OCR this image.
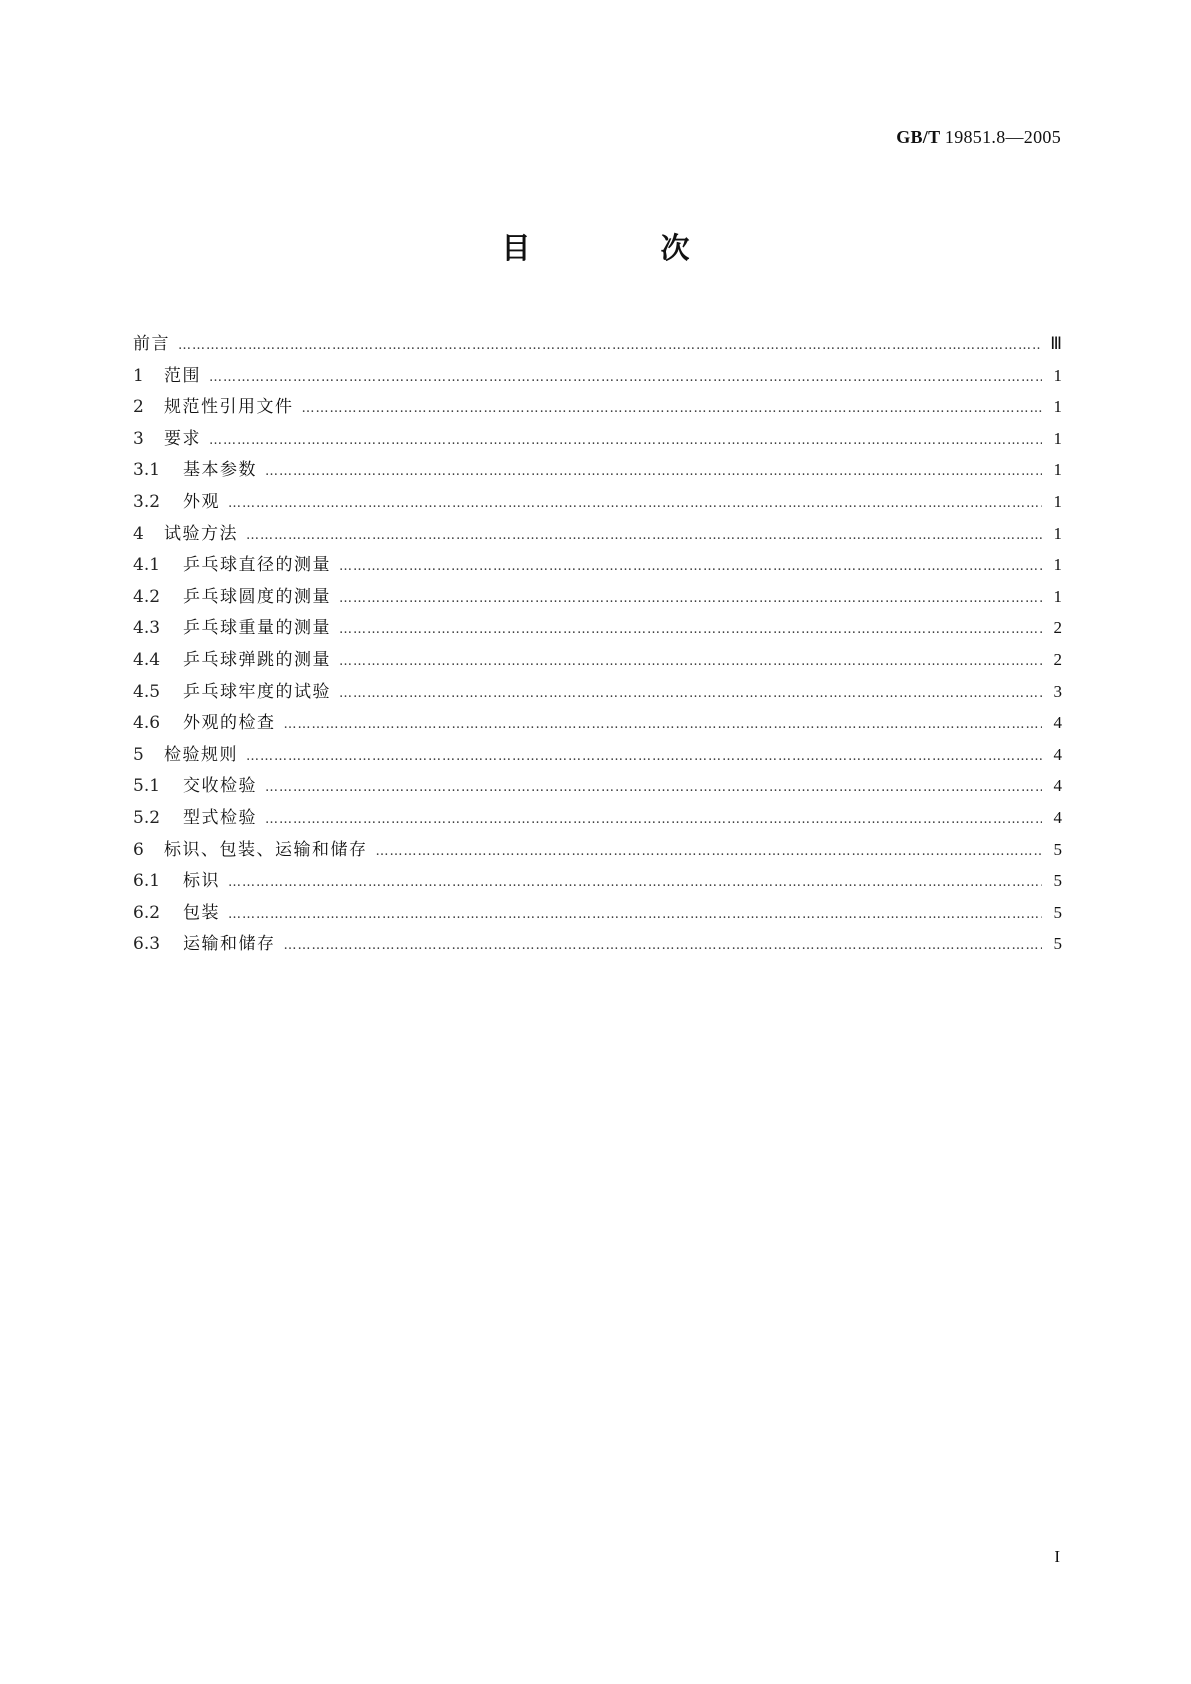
GB/T 19851.8—2005
目 次
前言 ………………………………………………………………………………………………………………………………………………………………………………………………	Ⅲ
1	范围 ………………………………………………………………………………………………………………………………………………………………………………………………	1
2	规范性引用文件 ………………………………………………………………………………………………………………………………………………………………………………………………	1
3	要求 ………………………………………………………………………………………………………………………………………………………………………………………………	1
3.1	基本参数 ………………………………………………………………………………………………………………………………………………………………………………………………	1
3.2	外观 ………………………………………………………………………………………………………………………………………………………………………………………………	1
4	试验方法 ………………………………………………………………………………………………………………………………………………………………………………………………	1
4.1	乒乓球直径的测量 ………………………………………………………………………………………………………………………………………………………………………………………………	1
4.2	乒乓球圆度的测量 ………………………………………………………………………………………………………………………………………………………………………………………………	1
4.3	乒乓球重量的测量 ………………………………………………………………………………………………………………………………………………………………………………………………	2
4.4	乒乓球弹跳的测量 ………………………………………………………………………………………………………………………………………………………………………………………………	2
4.5	乒乓球牢度的试验 ………………………………………………………………………………………………………………………………………………………………………………………………	3
4.6	外观的检查 ………………………………………………………………………………………………………………………………………………………………………………………………	4
5	检验规则 ………………………………………………………………………………………………………………………………………………………………………………………………	4
5.1	交收检验 ………………………………………………………………………………………………………………………………………………………………………………………………	4
5.2	型式检验 ………………………………………………………………………………………………………………………………………………………………………………………………	4
6	标识、包装、运输和储存 ………………………………………………………………………………………………………………………………………………………………………………………………	5
6.1	标识 ………………………………………………………………………………………………………………………………………………………………………………………………	5
6.2	包装 ………………………………………………………………………………………………………………………………………………………………………………………………	5
6.3	运输和储存 ………………………………………………………………………………………………………………………………………………………………………………………………	5
I
